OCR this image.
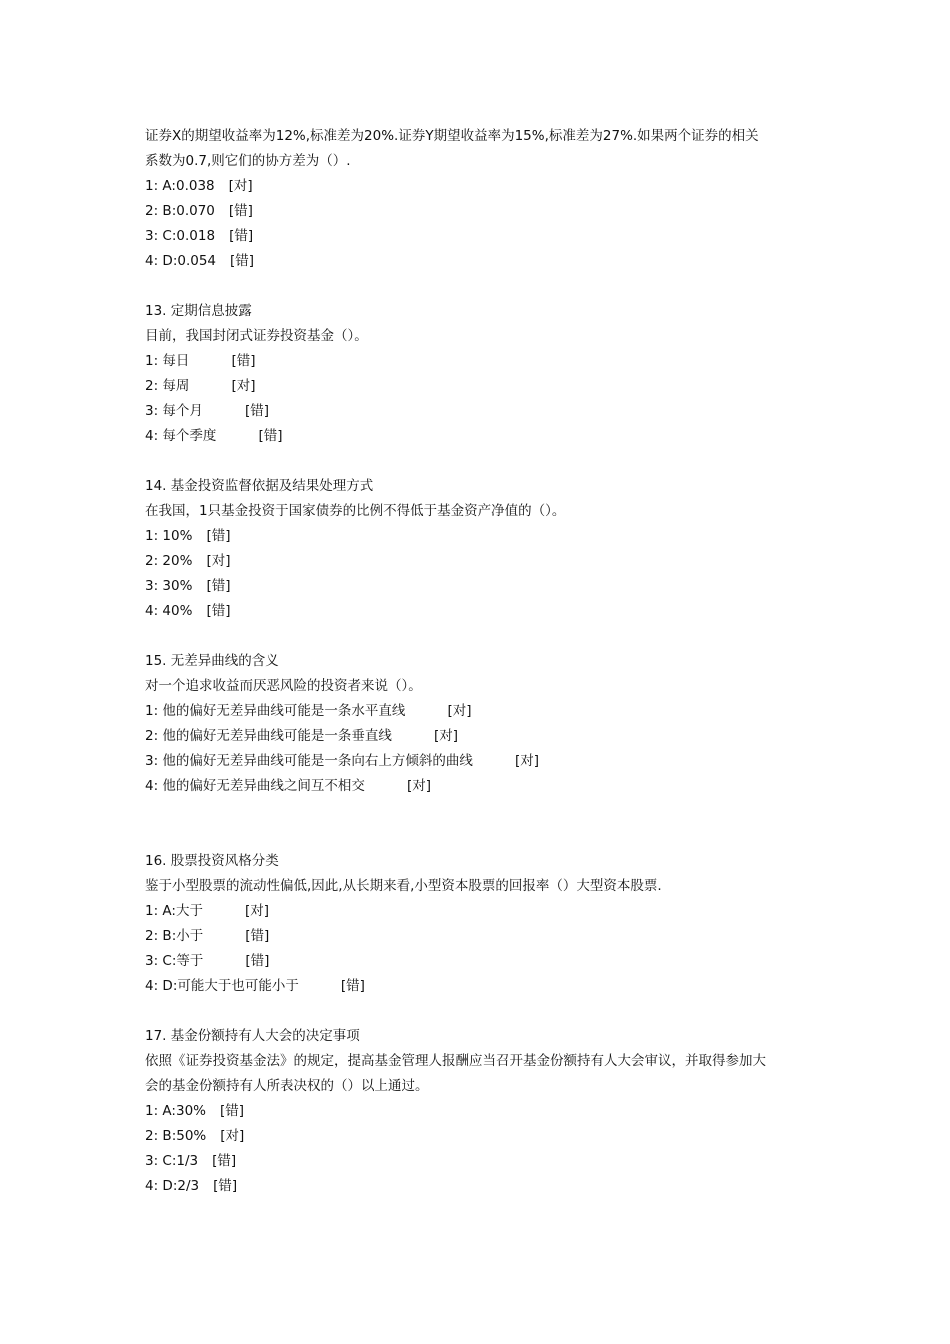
证券X的期望收益率为12%,标准差为20%.证券Y期望收益率为15%,标准差为27%.如果两个证券的相关
系数为0.7,则它们的协方差为（）.
1: A:0.038 [对]
2: B:0.070 [错]
3: C:0.018 [错]
4: D:0.054 [错]
13. 定期信息披露
目前，我国封闭式证券投资基金（）。
1: 每日	[错]
2: 每周	[对]
3: 每个月	[错]
4: 每个季度	[错]
14. 基金投资监督依据及结果处理方式
在我国，1只基金投资于国家债券的比例不得低于基金资产净值的（）。
1: 10% [错]
2: 20% [对]
3: 30% [错]
4: 40% [错]
15. 无差异曲线的含义
对一个追求收益而厌恶风险的投资者来说（）。
1: 他的偏好无差异曲线可能是一条水平直线	[对]
2: 他的偏好无差异曲线可能是一条垂直线	[对]
3: 他的偏好无差异曲线可能是一条向右上方倾斜的曲线	[对]
4: 他的偏好无差异曲线之间互不相交	[对]
16. 股票投资风格分类
鉴于小型股票的流动性偏低,因此,从长期来看,小型资本股票的回报率（）大型资本股票.
1: A:大于	[对]
2: B:小于	[错]
3: C:等于	[错]
4: D:可能大于也可能小于	[错]
17. 基金份额持有人大会的决定事项
依照《证券投资基金法》的规定，提高基金管理人报酬应当召开基金份额持有人大会审议，并取得参加大
会的基金份额持有人所表决权的（）以上通过。
1: A:30% [错]
2: B:50% [对]
3: C:1/3 [错]
4: D:2/3 [错]
